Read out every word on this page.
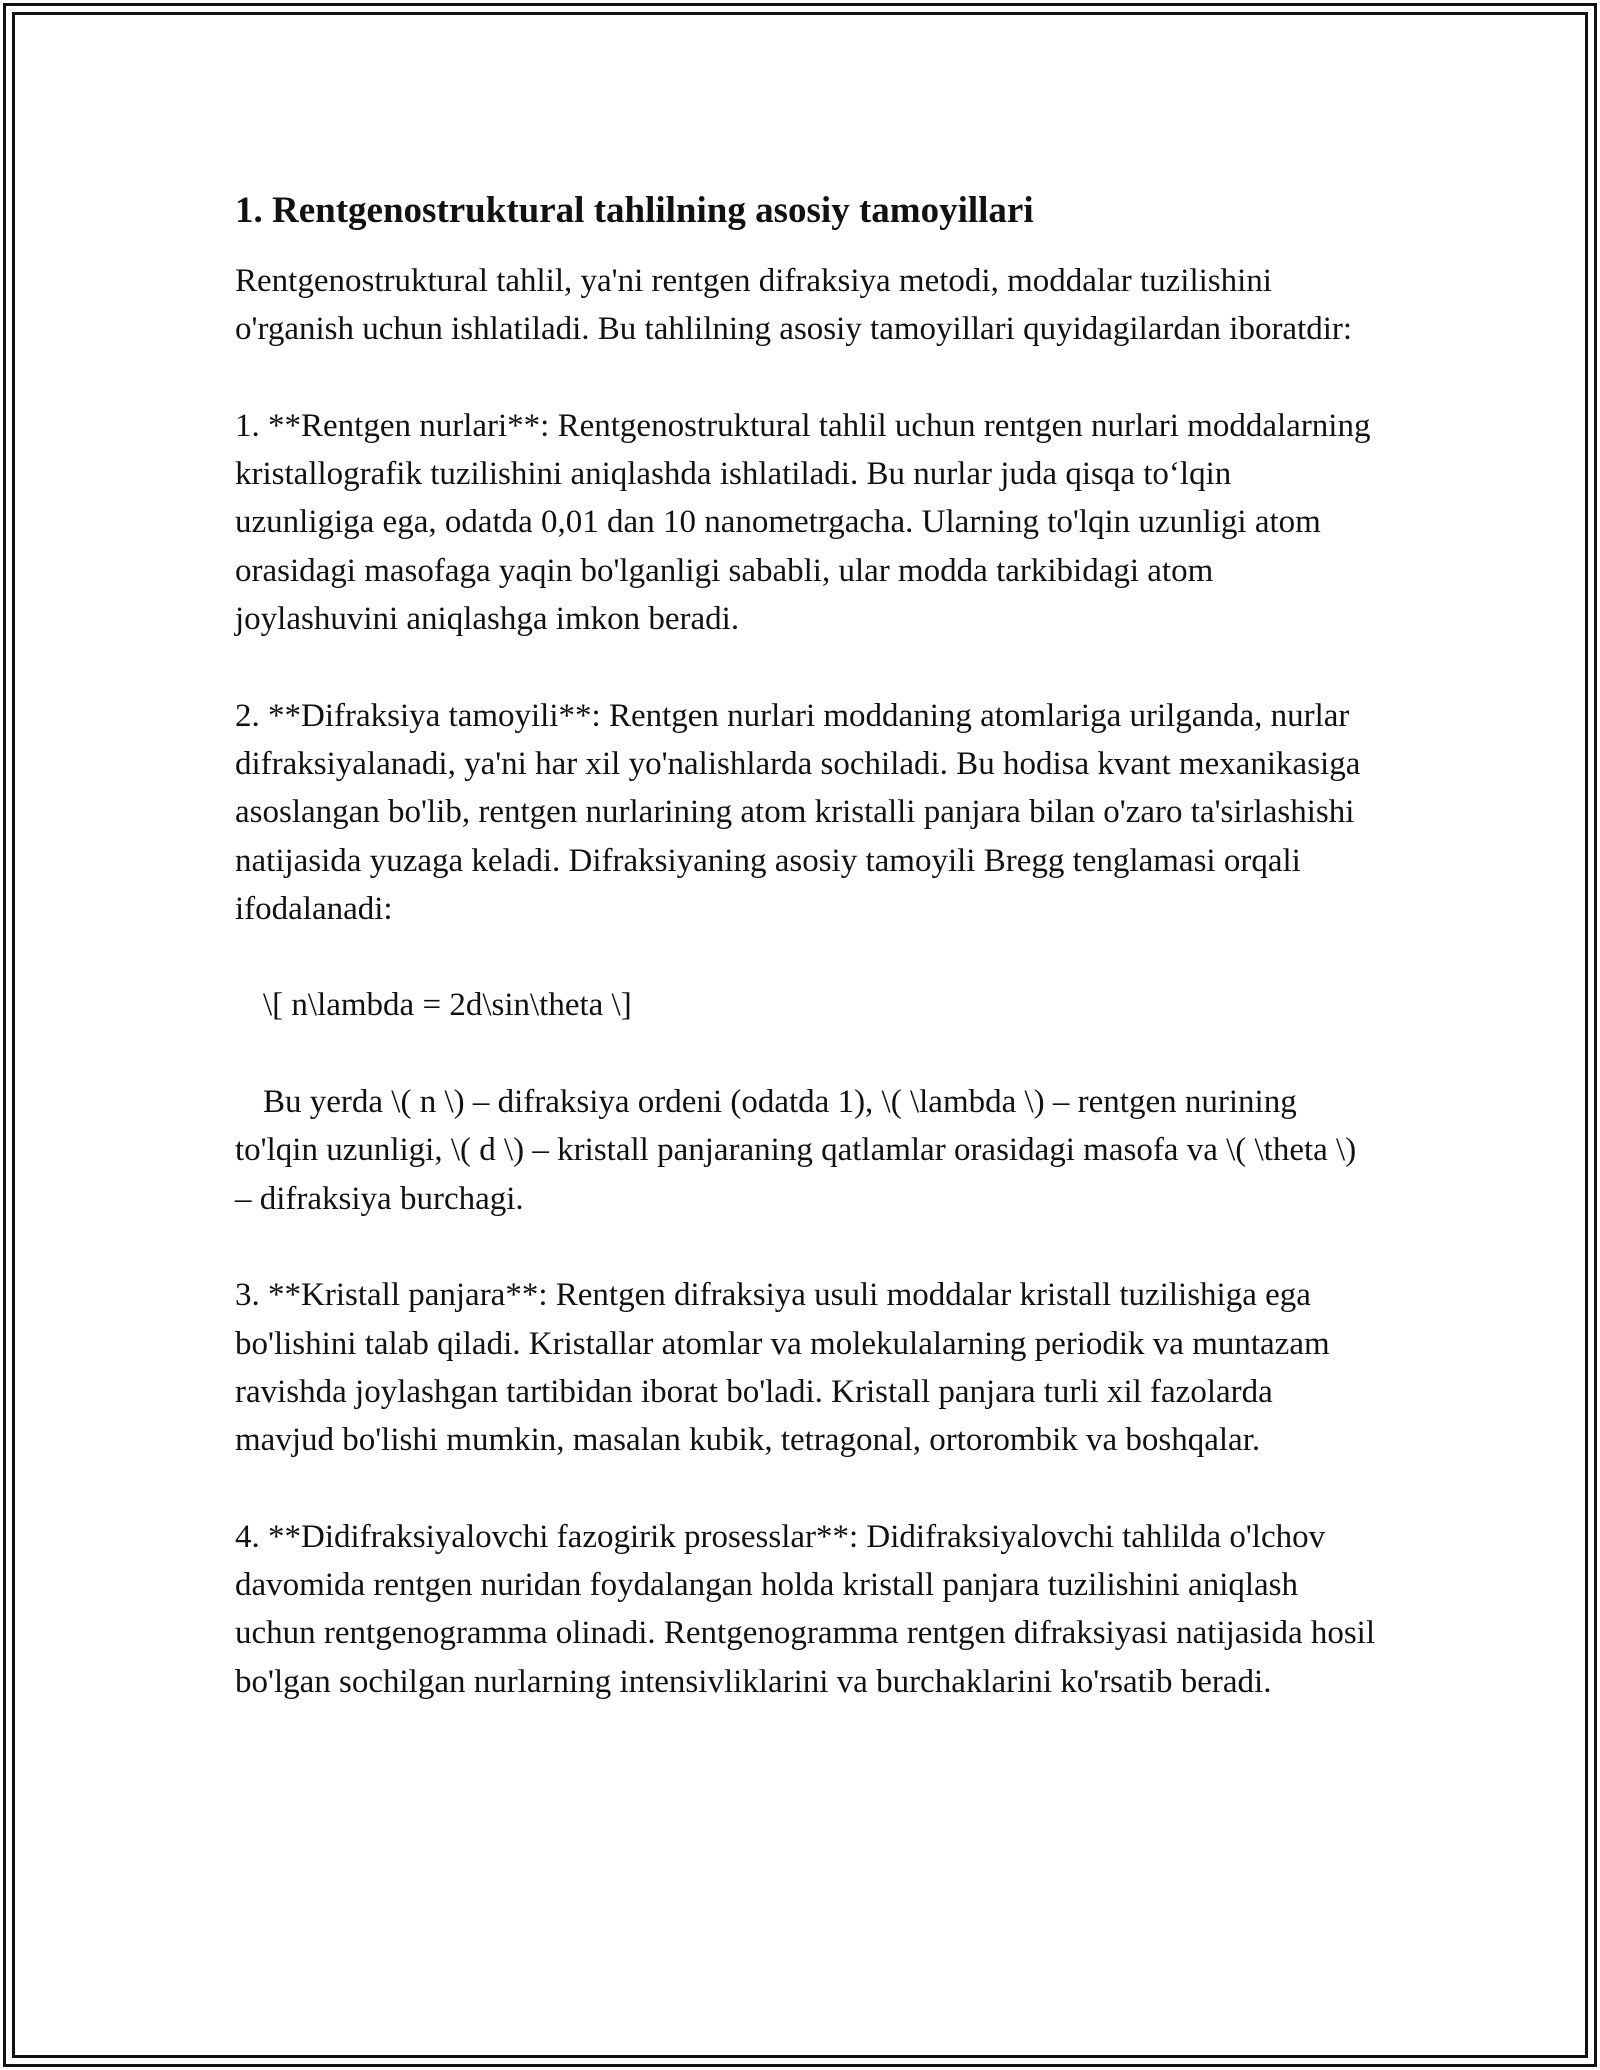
1. Rentgenostruktural tahlilning asosiy tamoyillari

Rentgenostruktural tahlil, ya'ni rentgen difraksiya metodi, moddalar tuzilishini o'rganish uchun ishlatiladi. Bu tahlilning asosiy tamoyillari quyidagilardan iboratdir:

1. **Rentgen nurlari**: Rentgenostruktural tahlil uchun rentgen nurlari moddalarning kristallografik tuzilishini aniqlashda ishlatiladi. Bu nurlar juda qisqa to‘lqin uzunligiga ega, odatda 0,01 dan 10 nanometrgacha. Ularning to'lqin uzunligi atom orasidagi masofaga yaqin bo'lganligi sababli, ular modda tarkibidagi atom joylashuvini aniqlashga imkon beradi.

2. **Difraksiya tamoyili**: Rentgen nurlari moddaning atomlariga urilganda, nurlar difraksiyalanadi, ya'ni har xil yo'nalishlarda sochiladi. Bu hodisa kvant mexanikasiga asoslangan bo'lib, rentgen nurlarining atom kristalli panjara bilan o'zaro ta'sirlashishi natijasida yuzaga keladi. Difraksiyaning asosiy tamoyili Bregg tenglamasi orqali ifodalanadi:

\[ n\lambda = 2d\sin\theta \]

Bu yerda \( n \) – difraksiya ordeni (odatda 1), \( \lambda \) – rentgen nurining to'lqin uzunligi, \( d \) – kristall panjaraning qatlamlar orasidagi masofa va \( \theta \) – difraksiya burchagi.

3. **Kristall panjara**: Rentgen difraksiya usuli moddalar kristall tuzilishiga ega bo'lishini talab qiladi. Kristallar atomlar va molekulalarning periodik va muntazam ravishda joylashgan tartibidan iborat bo'ladi. Kristall panjara turli xil fazolarda mavjud bo'lishi mumkin, masalan kubik, tetragonal, ortorombik va boshqalar.

4. **Didifraksiyalovchi fazogirik prosesslar**: Didifraksiyalovchi tahlilda o'lchov davomida rentgen nuridan foydalangan holda kristall panjara tuzilishini aniqlash uchun rentgenogramma olinadi. Rentgenogramma rentgen difraksiyasi natijasida hosil bo'lgan sochilgan nurlarning intensivliklarini va burchaklarini ko'rsatib beradi.
